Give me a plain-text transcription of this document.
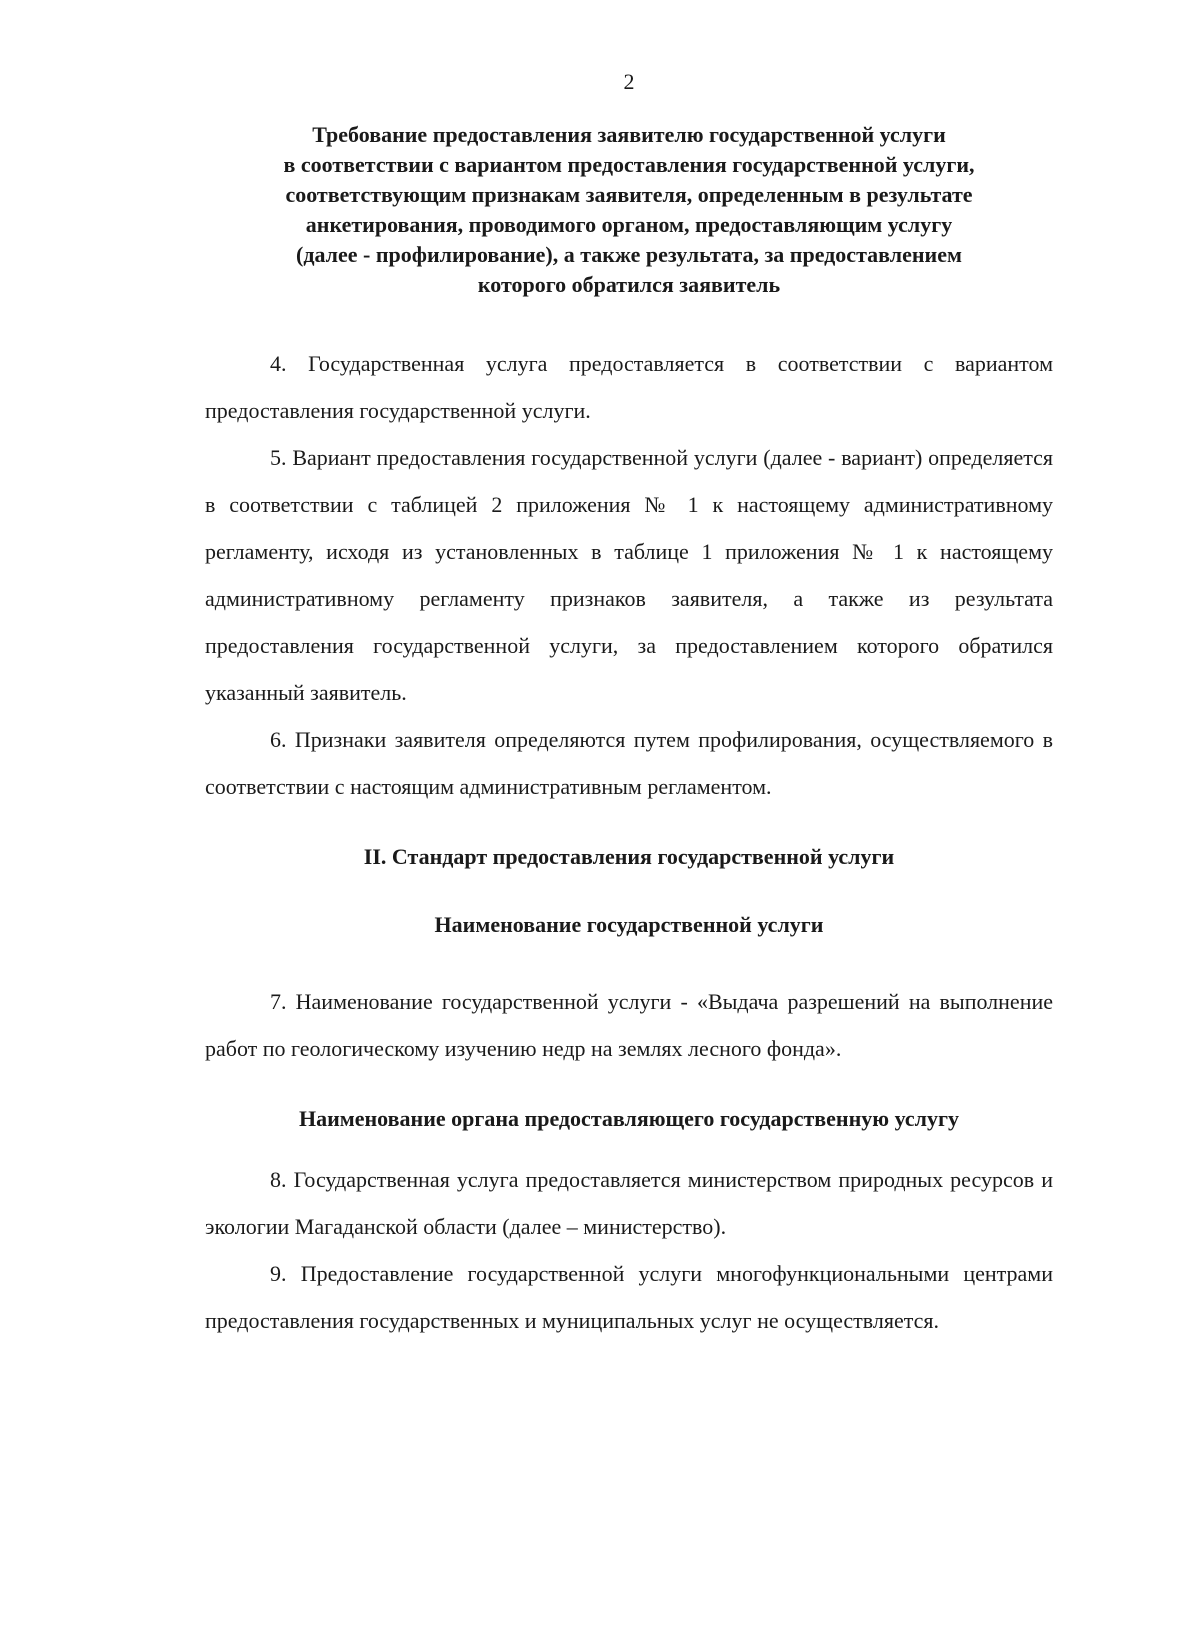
2

Требование предоставления заявителю государственной услуги
в соответствии с вариантом предоставления государственной услуги,
соответствующим признакам заявителя, определенным в результате
анкетирования, проводимого органом, предоставляющим услугу
(далее - профилирование), а также результата, за предоставлением
которого обратился заявитель

4. Государственная услуга предоставляется в соответствии с вариантом предоставления государственной услуги.

5. Вариант предоставления государственной услуги (далее - вариант) определяется в соответствии с таблицей 2 приложения № 1 к настоящему административному регламенту, исходя из установленных в таблице 1 приложения № 1 к настоящему административному регламенту признаков заявителя, а также из результата предоставления государственной услуги, за предоставлением которого обратился указанный заявитель.

6. Признаки заявителя определяются путем профилирования, осуществляемого в соответствии с настоящим административным регламентом.

II. Стандарт предоставления государственной услуги

Наименование государственной услуги

7. Наименование государственной услуги - «Выдача разрешений на выполнение работ по геологическому изучению недр на землях лесного фонда».

Наименование органа предоставляющего государственную услугу

8. Государственная услуга предоставляется министерством природных ресурсов и экологии Магаданской области (далее – министерство).

9. Предоставление государственной услуги многофункциональными центрами предоставления государственных и муниципальных услуг не осуществляется.
